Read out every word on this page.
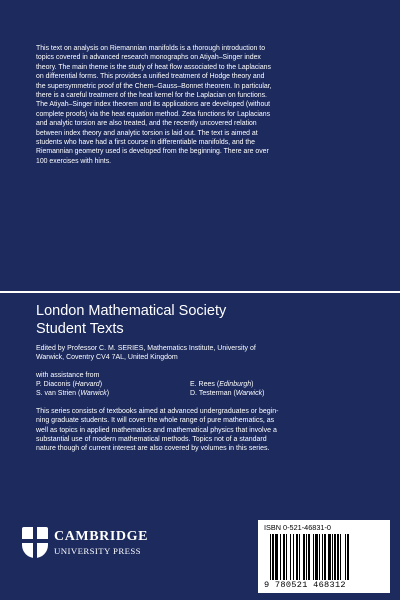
This text on analysis on Riemannian manifolds is a thorough introduction to
topics covered in advanced research monographs on Atiyah–Singer index
theory. The main theme is the study of heat flow associated to the Laplacians
on differential forms. This provides a unified treatment of Hodge theory and
the supersymmetric proof of the Chern–Gauss–Bonnet theorem. In particular,
there is a careful treatment of the heat kernel for the Laplacian on functions.
The Atiyah–Singer index theorem and its applications are developed (without
complete proofs) via the heat equation method. Zeta functions for Laplacians
and analytic torsion are also treated, and the recently uncovered relation
between index theory and analytic torsion is laid out. The text is aimed at
students who have had a first course in differentiable manifolds, and the
Riemannian geometry used is developed from the beginning. There are over
100 exercises with hints.
London Mathematical Society
Student Texts
Edited by Professor C. M. SERIES, Mathematics Institute, University of
Warwick, Coventry CV4 7AL, United Kingdom
with assistance from
P. Diaconis (Harvard)	E. Rees (Edinburgh)
S. van Strien (Warwick)	D. Testerman (Warwick)
This series consists of textbooks aimed at advanced undergraduates or begin-
ning graduate students. It will cover the whole range of pure mathematics, as
well as topics in applied mathematics and mathematical physics that involve a
substantial use of modern mathematical methods. Topics not of a standard
nature though of current interest are also covered by volumes in this series.
CAMBRIDGE
UNIVERSITY PRESS
ISBN 0-521-46831-0
9 780521 468312
